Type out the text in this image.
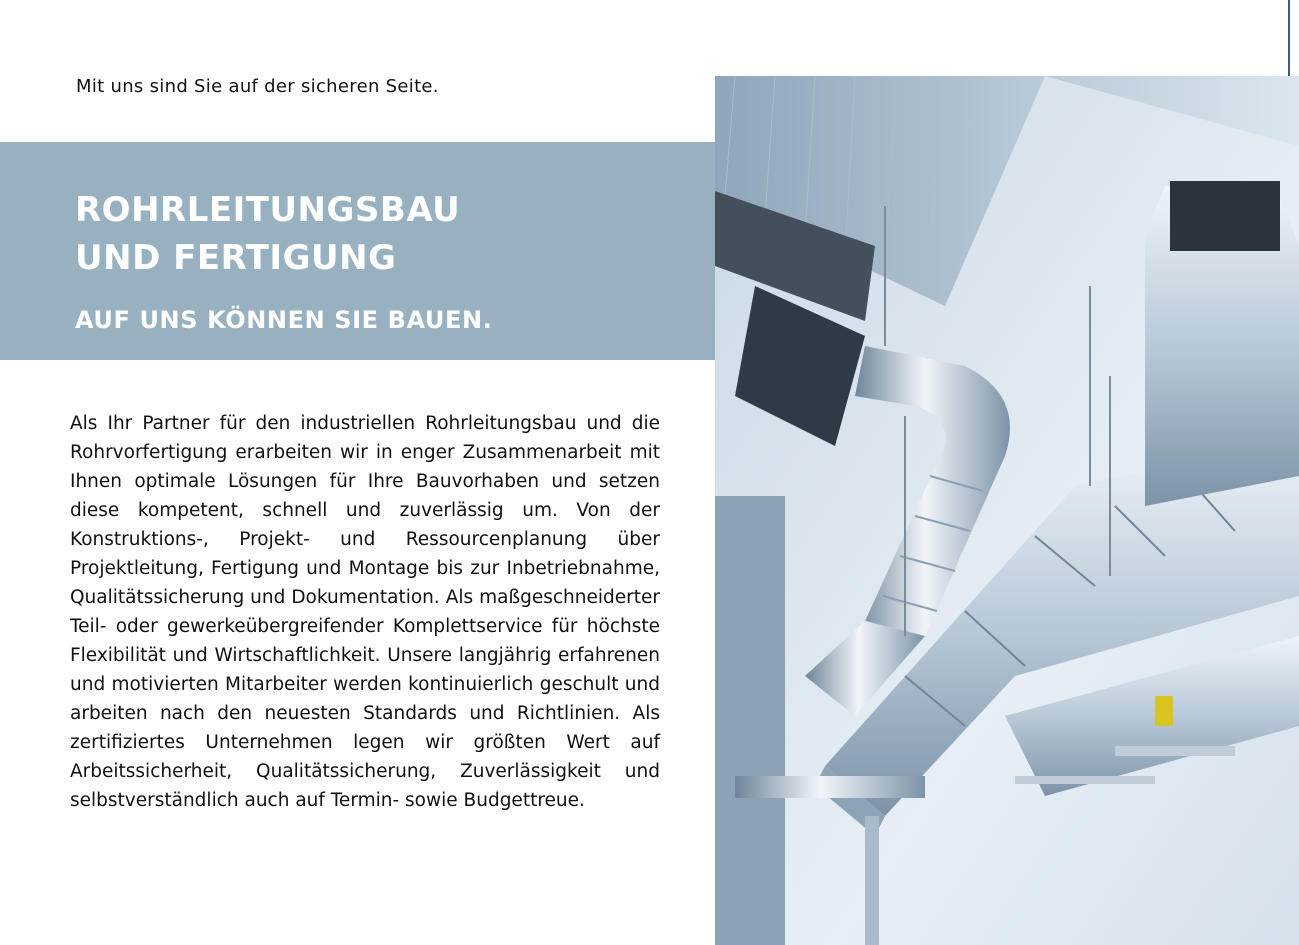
Mit uns sind Sie auf der sicheren Seite.
ROHRLEITUNGSBAU
UND FERTIGUNG
AUF UNS KÖNNEN SIE BAUEN.

Als Ihr Partner für den industriellen Rohrleitungsbau und die Rohrvorfertigung erarbeiten wir in enger Zusammenarbeit mit Ihnen optimale Lösungen für Ihre Bauvorhaben und setzen diese kompetent, schnell und zuverlässig um. Von der Konstruktions-, Projekt- und Ressourcenplanung über Projektleitung, Fertigung und Montage bis zur Inbetriebnahme, Qualitätssicherung und Dokumentation. Als maßgeschneiderter Teil- oder gewerkeübergreifender Komplettservice für höchste Flexibilität und Wirtschaftlichkeit. Unsere langjährig erfahrenen und motivierten Mitarbeiter werden kontinuierlich geschult und arbeiten nach den neuesten Standards und Richtlinien. Als zertifiziertes Unternehmen legen wir größten Wert auf Arbeitssicherheit, Qualitätssicherung, Zuverlässigkeit und selbstverständlich auch auf Termin- sowie Budgettreue.
